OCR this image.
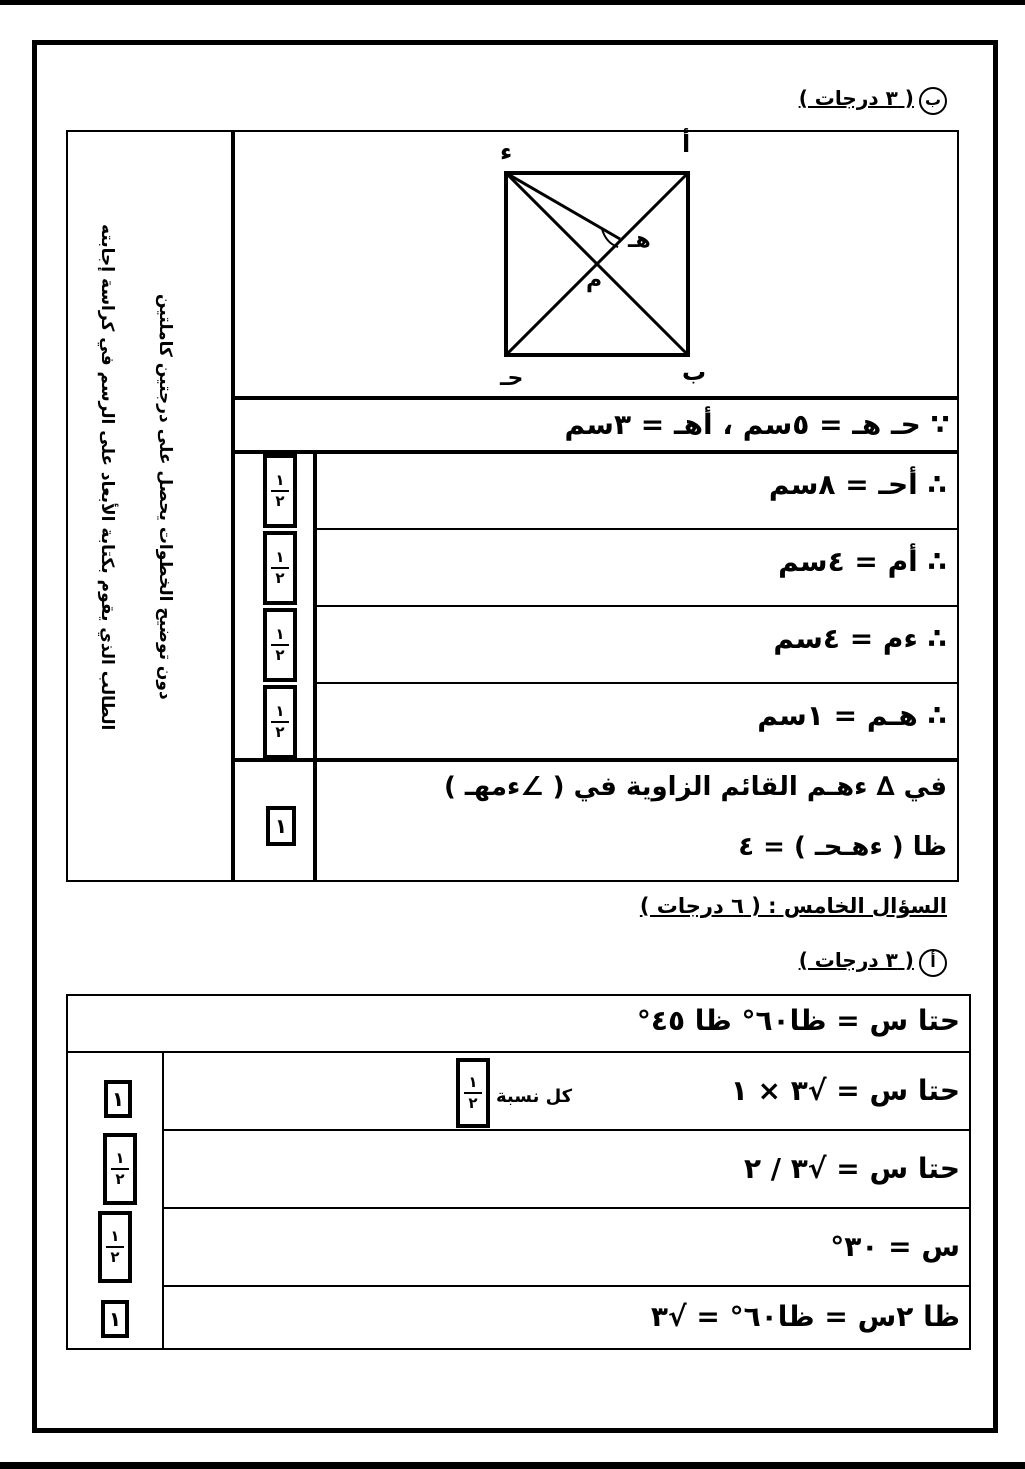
ب ( ٣ درجات )
الطالب الذي يقوم بكتابة الأبعاد على الرسم في كراسة إجابته دون توضيح الخطوات يحصل على درجتين كاملتين
أ
ء
ب
حـ
م
هـ
∵ حـ هـ = ٥سم ، أهـ = ٣سم
∴ أحـ = ٨سم
١
٢
∴ أم = ٤سم
١
٢
∴ ءم = ٤سم
١
٢
∴ هـم = ١سم
١
٢
في ∆ ءهـم القائم الزاوية في ( ∠ءمهـ )
ظا ( ءهـحـ ) = ٤
١
السؤال الخامس : ( ٦ درجات )
أ ( ٣ درجات )
حتا س = ظا٦٠° ظا ٤٥°
حتا س = √٣ × ١
كل نسبة
١
٢
١
حتا س = √٣ / ٢
١
٢
س = ٣٠°
١
٢
ظا ٢س = ظا٦٠° = √٣
١
